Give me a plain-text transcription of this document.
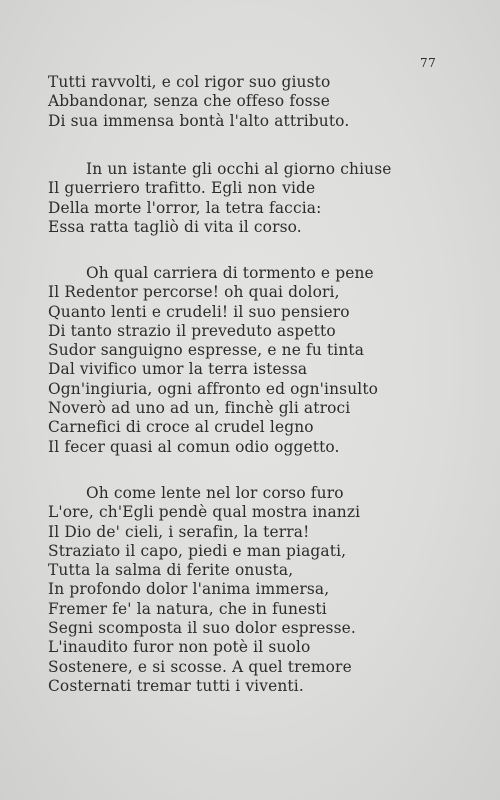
77
Tutti ravvolti, e col rigor suo giusto
Abbandonar, senza che offeso fosse
Di sua immensa bontà l'alto attributo.
In un istante gli occhi al giorno chiuse
Il guerriero trafitto. Egli non vide
Della morte l'orror, la tetra faccia:
Essa ratta tagliò di vita il corso.
Oh qual carriera di tormento e pene
Il Redentor percorse! oh quai dolori,
Quanto lenti e crudeli! il suo pensiero
Di tanto strazio il preveduto aspetto
Sudor sanguigno espresse, e ne fu tinta
Dal vivifico umor la terra istessa
Ogn'ingiuria, ogni affronto ed ogn'insulto
Noverò ad uno ad un, finchè gli atroci
Carnefici di croce al crudel legno
Il fecer quasi al comun odio oggetto.
Oh come lente nel lor corso furo
L'ore, ch'Egli pendè qual mostra inanzi
Il Dio de' cieli, i serafin, la terra!
Straziato il capo, piedi e man piagati,
Tutta la salma di ferite onusta,
In profondo dolor l'anima immersa,
Fremer fe' la natura, che in funesti
Segni scomposta il suo dolor espresse.
L'inaudito furor non potè il suolo
Sostenere, e si scosse. A quel tremore
Costernati tremar tutti i viventi.
